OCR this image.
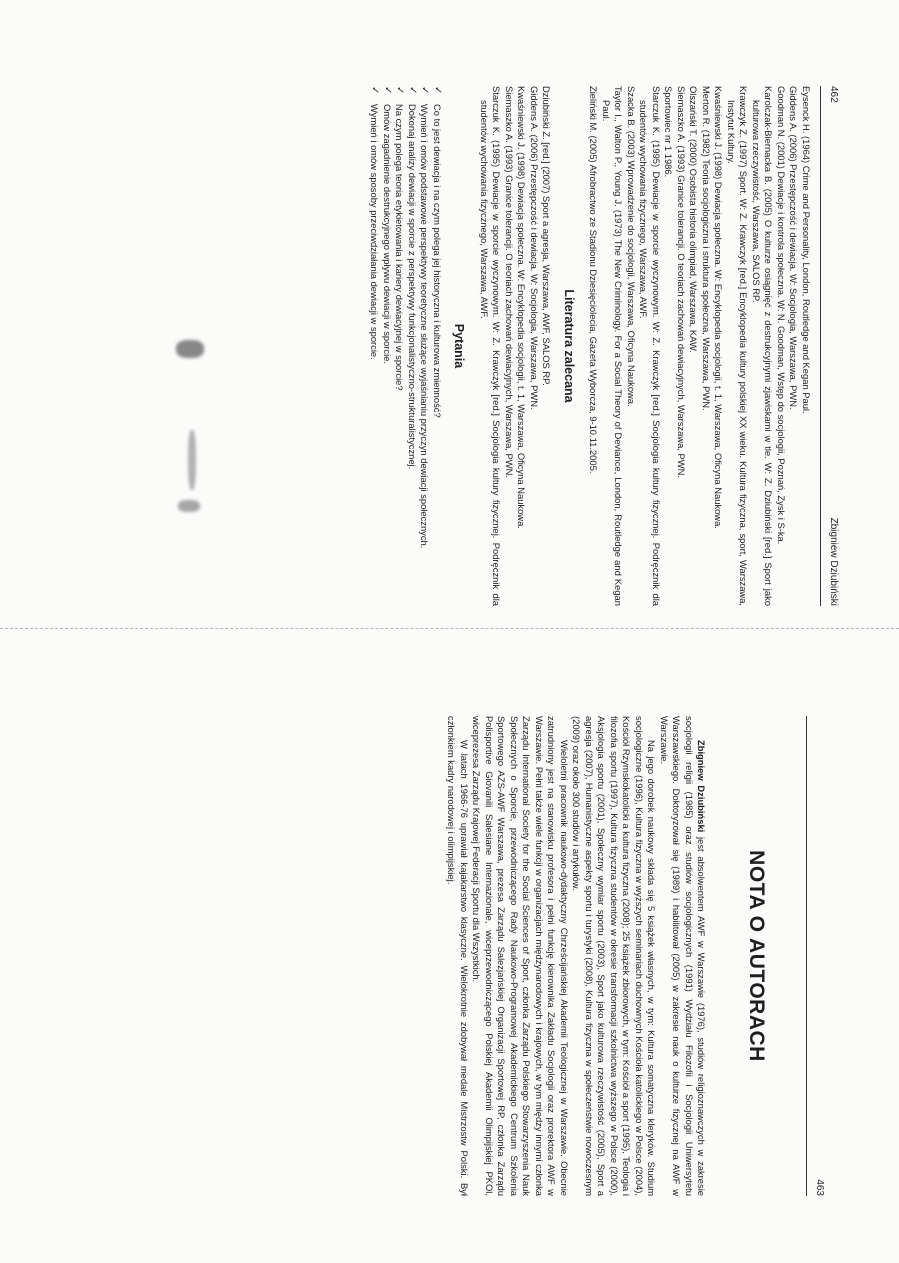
462
Zbigniew Dziubiński

Eysenck H. (1964) Crime and Personality, London, Routledge and Kegan Paul.

Giddens A. (2006) Przestępczość i dewiacja. W: Socjologia, Warszawa, PWN.

Goodman N. (2001) Dewiacje i kontrola społeczna. W: N. Goodman, Wstęp do socjologii, Poznań, Zysk i S-ka.

Karolczak-Biernacka B. (2005) O kulturze osiągnięć z destrukcyjnymi zjawiskami w tle. W: Z. Dziubiński [red.] Sport jako kulturowa rzeczywistość, Warszawa, SALOS RP.

Krawczyk Z. (1997) Sport. W: Z. Krawczyk [red.] Encyklopedia kultury polskiej XX wieku. Kultura fizyczna, sport, Warszawa, Instytut Kultury.

Kwaśniewski J. (1998) Dewiacja społeczna. W: Encyklopedia socjologii, t. 1, Warszawa, Oficyna Naukowa.

Merton R. (1982) Teoria socjologiczna i struktura społeczna, Warszawa, PWN.

Olszański T. (2000) Osobista historia olimpiad, Warszawa, KAW.

Siemaszko A. (1993) Granice tolerancji. O teoriach zachowań dewiacyjnych, Warszawa, PWN.

Sportowiec nr 1 1986.

Starczuk K. (1995) Dewiacje w sporcie wyczynowym. W: Z. Krawczyk [red.] Socjologia kultury fizycznej. Podręcznik dla studentów wychowania fizycznego, Warszawa, AWF.

Szacka B. (2003) Wprowadzenie do socjologii, Warszawa, Oficyna Naukowa.

Taylor I., Walton P., Young J. (1973) The New Criminology. For a Social Theory of Deviance, London, Routledge and Kegan Paul.

Zieliński M. (2005) Afrobractwo ze Stadionu Dziesięciolecia, Gazeta Wyborcza, 9-10.11.2005.

Literatura zalecana

Dziubiński Z. [red.] (2007) Sport a agresja, Warszawa, AWF, SALOS RP.

Giddens A. (2006) Przestępczość i dewiacja. W: Socjologia, Warszawa, PWN.

Kwaśniewski J. (1998) Dewiacja społeczna. W: Encyklopedia socjologii, t. 1, Warszawa, Oficyna Naukowa.

Siemaszko A. (1993) Granice tolerancji. O teoriach zachowań dewiacyjnych, Warszawa, PWN.

Starczuk K. (1995) Dewiacje w sporcie wyczynowym. W: Z. Krawczyk [red.] Socjologia kultury fizycznej. Podręcznik dla studentów wychowania fizycznego, Warszawa, AWF.

Pytania
✓
Co to jest dewiacja i na czym polega jej historyczna i kulturowa zmienność?
✓
Wymień i omów podstawowe perspektywy teoretyczne służące wyjaśnianiu przyczyn dewiacji społecznych.
✓
Dokonaj analizy dewiacji w sporcie z perspektywy funkcjonalistyczno-strukturalistycznej.
✓
Na czym polega teoria etykietowania i kariery dewiacyjnej w sporcie?
✓
Omów zagadnienie destrukcyjnego wpływu dewiacji w sporcie.
✓
Wymień i omów sposoby przeciwdziałania dewiacji w sporcie.
463
NOTA O AUTORACH

Zbigniew Dziubiński jest absolwentem AWF w Warszawie (1976), studiów religioznawczych w zakresie socjologii religii (1985) oraz studiów socjologicznych (1991) Wydziału Filozofii i Socjologii Uniwersytetu Warszawskiego. Doktoryzował się (1989) i habilitował (2005) w zakresie nauk o kulturze fizycznej na AWF w Warszawie.

Na jego dorobek naukowy składa się 5 książek własnych, w tym: Kultura somatyczna kleryków. Studium socjologiczne (1996), Kultura fizyczna w wyższych seminariach duchownych Kościoła katolickiego w Polsce (2004), Kościół Rzymskokatolicki a kultura fizyczna (2008); 25 książek zbiorowych, w tym: Kościół a sport (1995), Teologia i filozofia sportu (1997), Kultura fizyczna studentów w okresie transformacji szkolnictwa wyższego w Polsce (2000), Aksjologia sportu (2001), Społeczny wymiar sportu (2003), Sport jako kulturowa rzeczywistość (2005), Sport a agresja (2007), Humanistyczne aspekty sportu i turystyki (2008), Kultura fizyczna w społeczeństwie nowoczesnym (2009) oraz około 300 studiów i artykułów.

Wieloletni pracownik naukowo-dydaktyczny Chrześcijańskiej Akademii Teologicznej w Warszawie. Obecnie zatrudniony jest na stanowisku profesora i pełni funkcję kierownika Zakładu Socjologii oraz prorektora AWF w Warszawie. Pełni także wiele funkcji w organizacjach międzynarodowych i krajowych, w tym między innymi członka Zarządu International Society for the Social Sciences of Sport, członka Zarządu Polskiego Stowarzyszenia Nauk Społecznych o Sporcie, przewodniczącego Rady Naukowo-Programowej Akademickiego Centrum Szkolenia Sportowego AZS-AWF Warszawa, prezesa Zarządu Salezjańskiej Organizacji Sportowej RP, członka Zarządu Polisportive Giovanili Salesiane Internazionale, wiceprzewodniczącego Polskiej Akademii Olimpijskiej PKOl, wiceprezesa Zarządu Krajowej Federacji Sportu dla Wszystkich.

W latach 1966-76 uprawiał kajakarstwo klasyczne. Wielokrotnie zdobywał medale Mistrzostw Polski. Był członkiem kadry narodowej i olimpijskiej.
